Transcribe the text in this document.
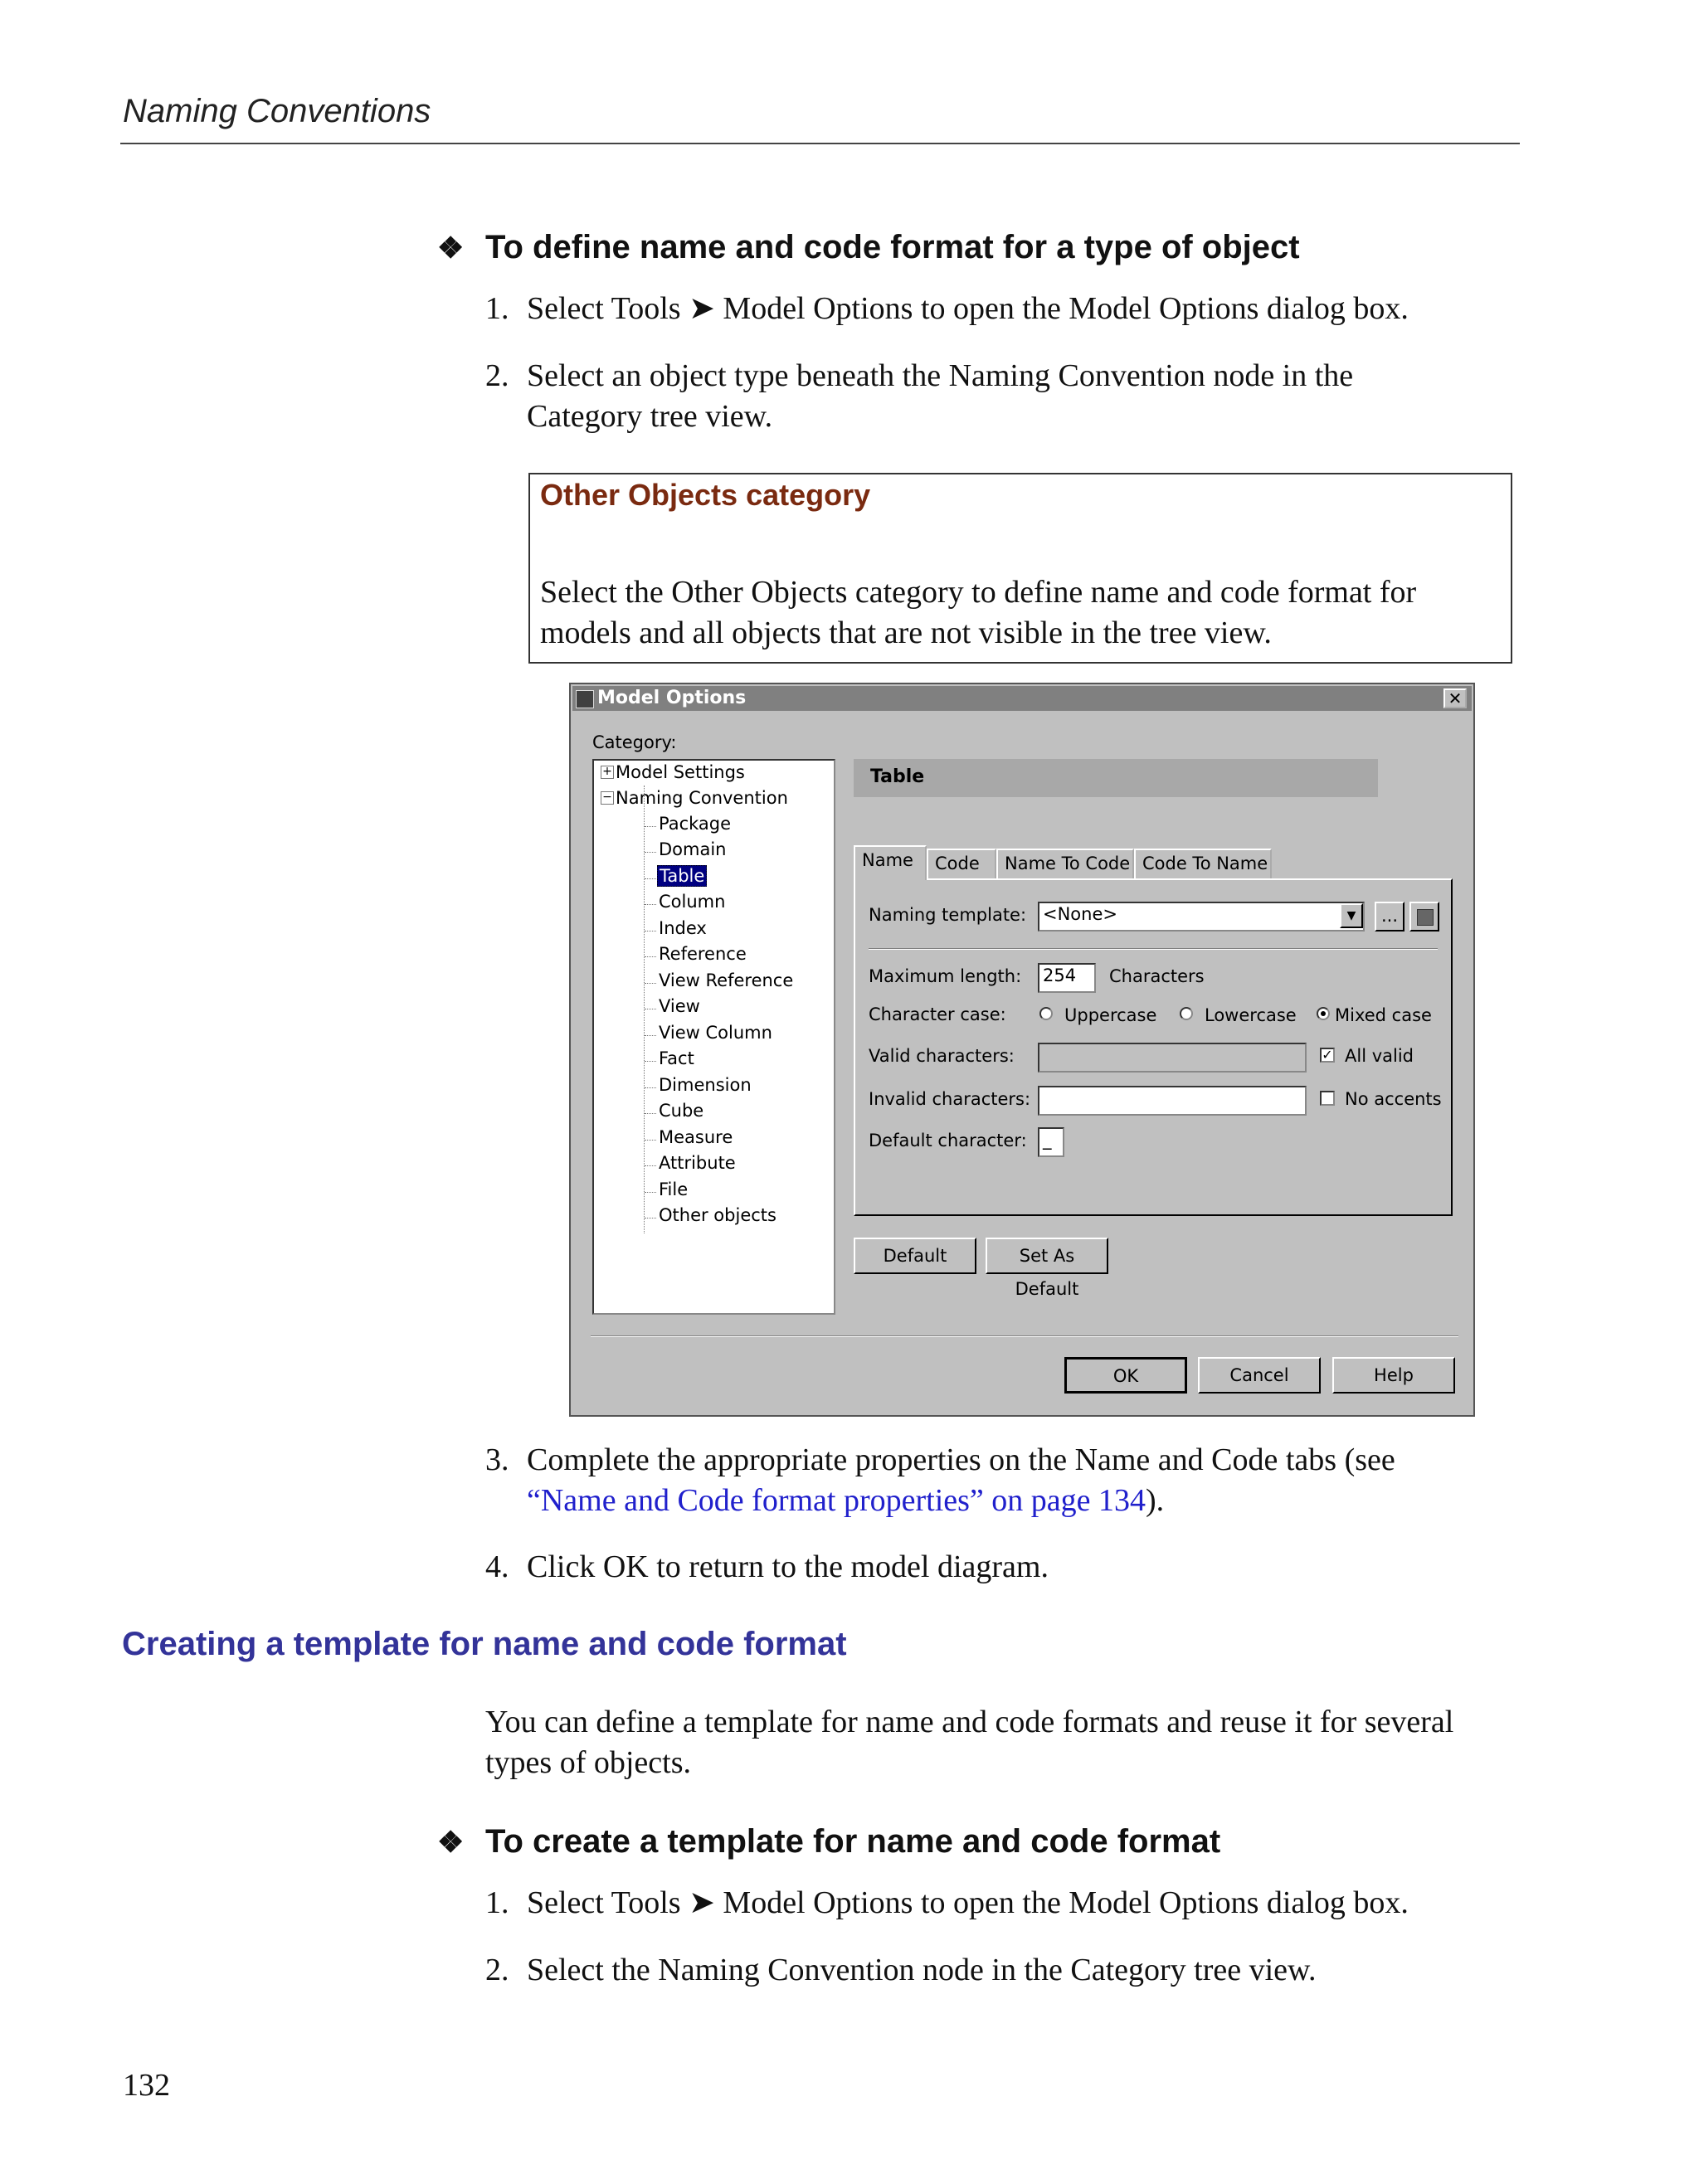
Naming Conventions
❖ To define name and code format for a type of object
1. Select Tools ➤ Model Options to open the Model Options dialog box.
2. Select an object type beneath the Naming Convention node in the
Category tree view.
Other Objects category
Select the Other Objects category to define name and code format for models and all objects that are not visible in the tree view.
Model Options	✕
Category:
+
−
Model Settings
Naming Convention
Package
Domain
Table
Column
Index
Reference
View Reference
View
View Column
Fact
Dimension
Cube
Measure
Attribute
File
Other objects
Table
Name	Code	Name To Code Code To Name
Naming template: <None>	▼	...
Maximum length: 254	Characters
Character case:	Uppercase	Lowercase Mixed case
Valid characters:	✓ All valid
Invalid characters:	No accents
Default character: _
Default	Set As Default
OK	Cancel	Help
3. Complete the appropriate properties on the Name and Code tabs (see
“Name and Code format properties” on page 134).
4. Click OK to return to the model diagram.
Creating a template for name and code format
You can define a template for name and code formats and reuse it for several
types of objects.
❖ To create a template for name and code format
1. Select Tools ➤ Model Options to open the Model Options dialog box.
2. Select the Naming Convention node in the Category tree view.
132
